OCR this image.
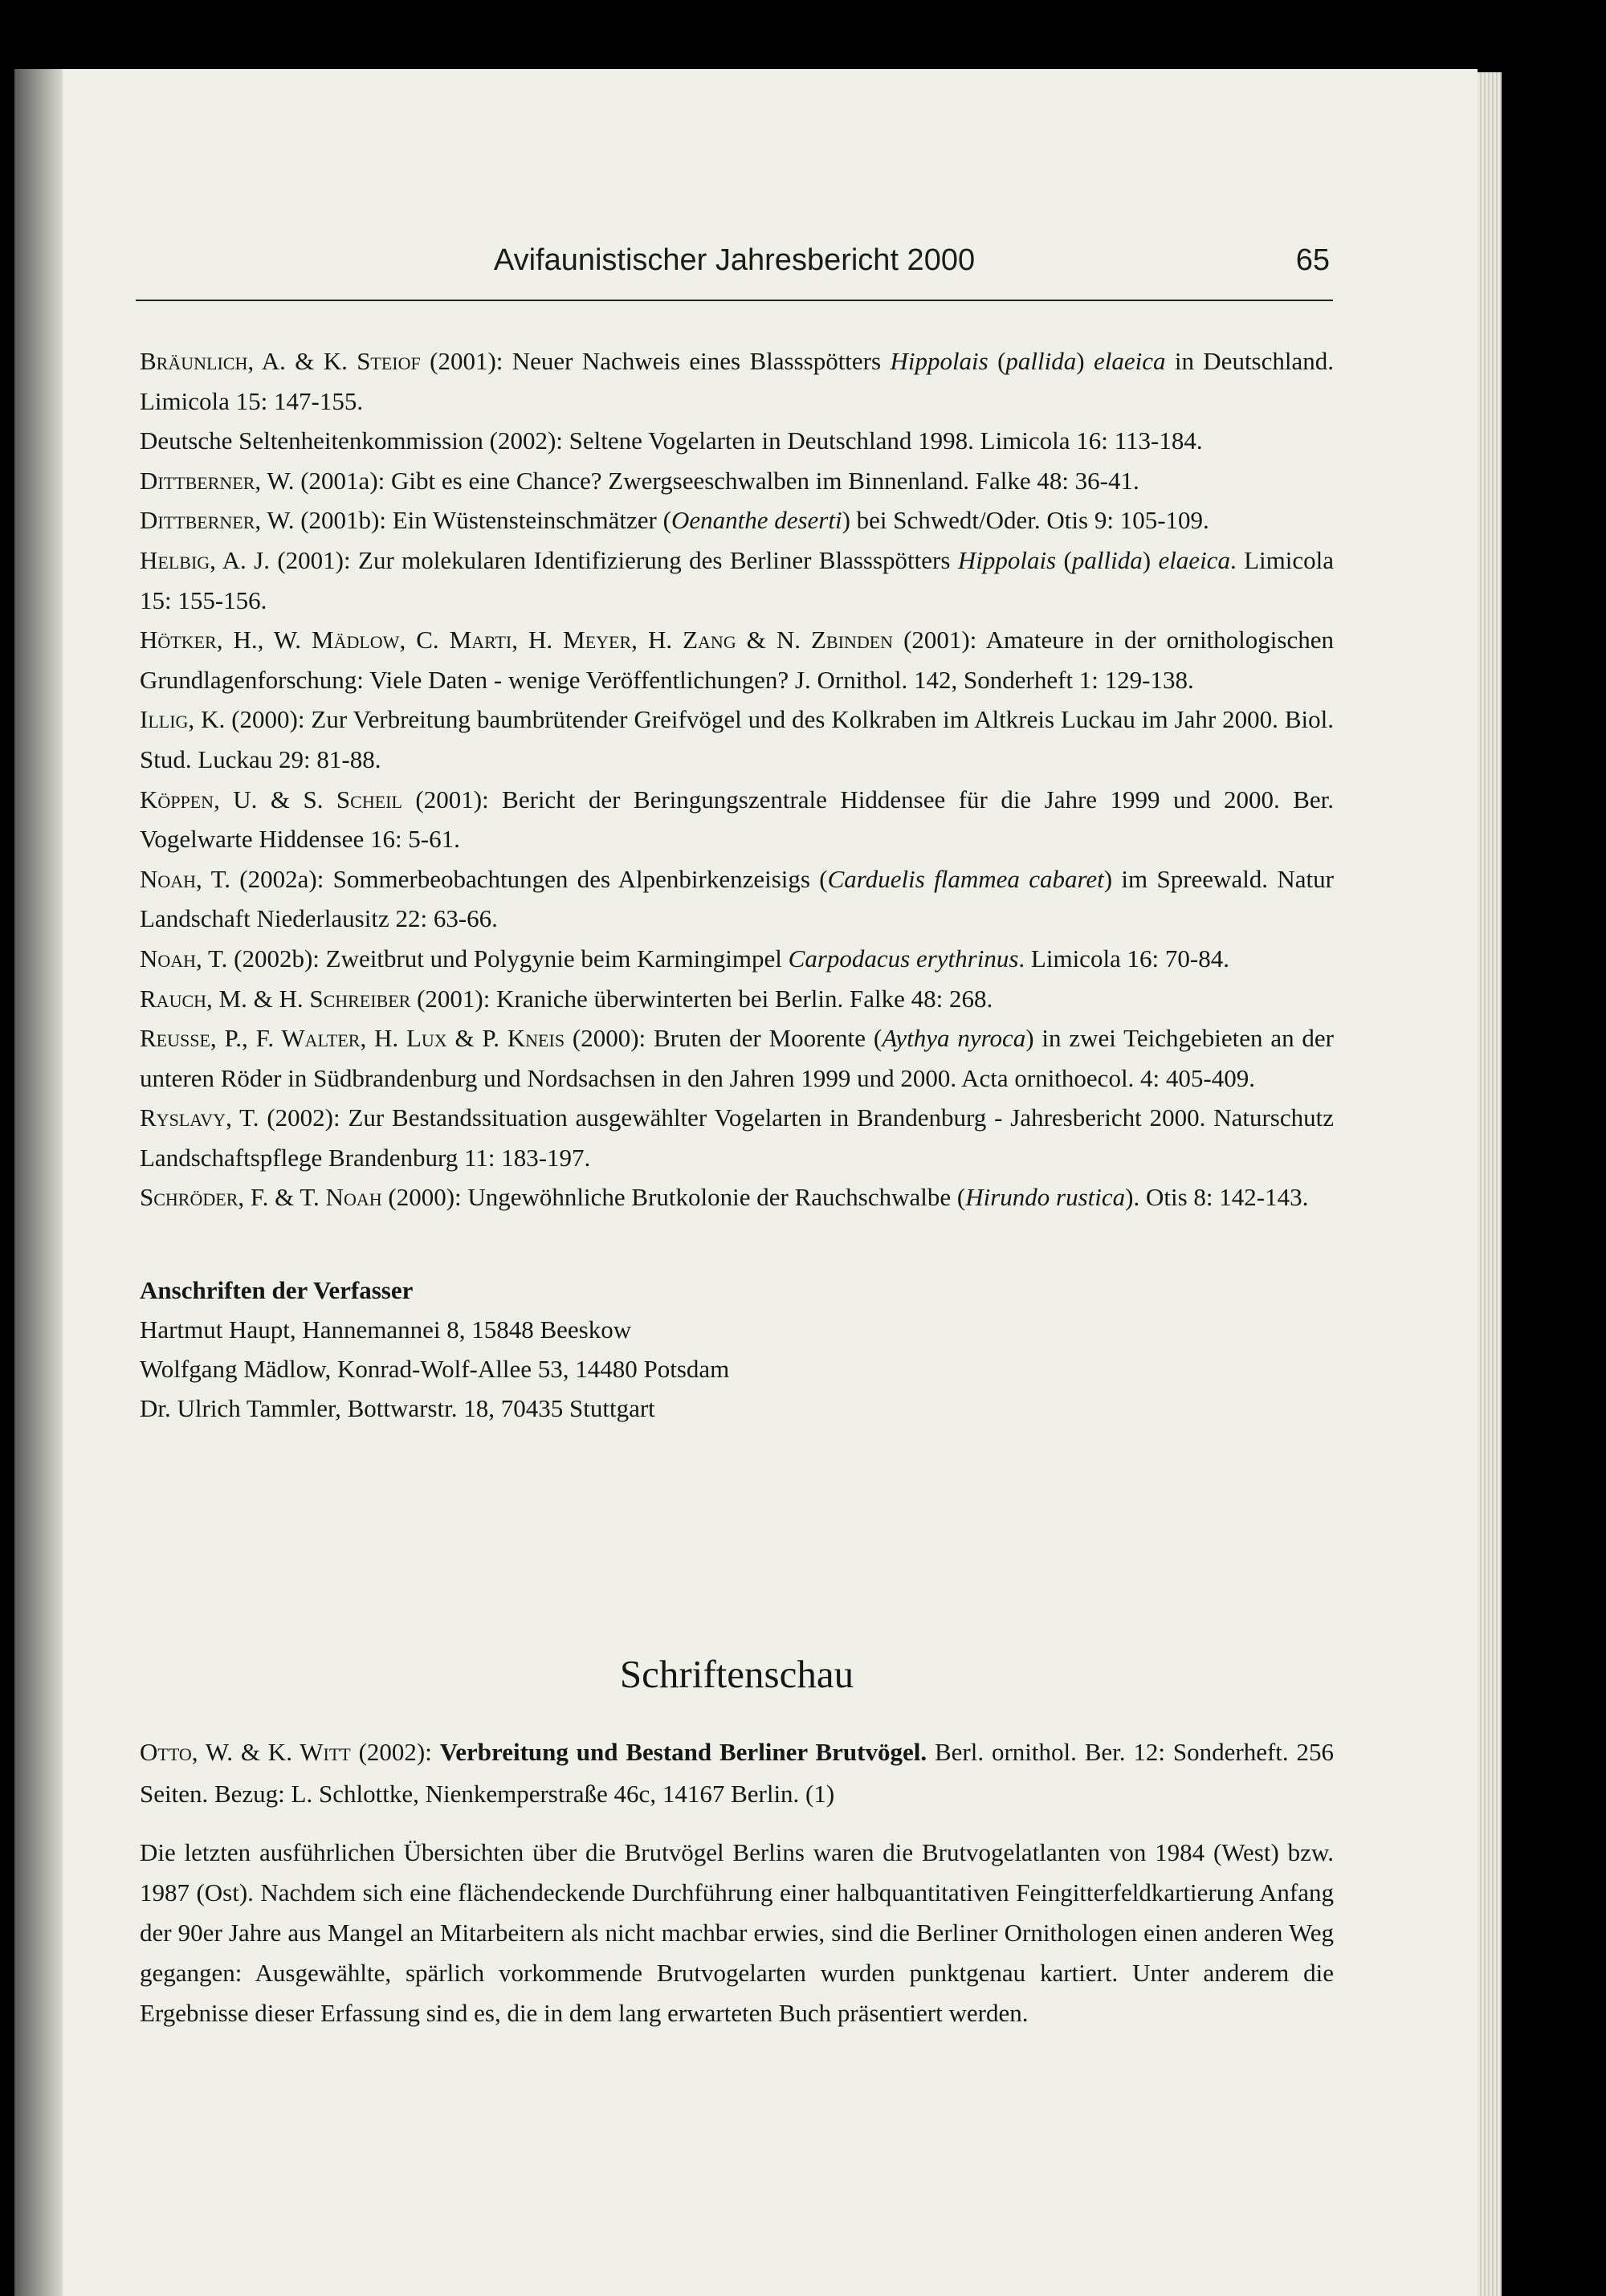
Avifaunistischer Jahresbericht 2000	65
Bräunlich, A. & K. Steiof (2001): Neuer Nachweis eines Blassspötters Hippolais (pallida) elaeica in Deutschland. Limicola 15: 147-155.
Deutsche Seltenheitenkommission (2002): Seltene Vogelarten in Deutschland 1998. Limicola 16: 113-184.
Dittberner, W. (2001a): Gibt es eine Chance? Zwergseeschwalben im Binnenland. Falke 48: 36-41.
Dittberner, W. (2001b): Ein Wüstensteinschmätzer (Oenanthe deserti) bei Schwedt/Oder. Otis 9: 105-109.
Helbig, A. J. (2001): Zur molekularen Identifizierung des Berliner Blassspötters Hippolais (pallida) elaeica. Limicola 15: 155-156.
Hötker, H., W. Mädlow, C. Marti, H. Meyer, H. Zang & N. Zbinden (2001): Amateure in der ornithologischen Grundlagenforschung: Viele Daten - wenige Veröffentlichungen? J. Ornithol. 142, Sonderheft 1: 129-138.
Illig, K. (2000): Zur Verbreitung baumbrütender Greifvögel und des Kolkraben im Altkreis Luckau im Jahr 2000. Biol. Stud. Luckau 29: 81-88.
Köppen, U. & S. Scheil (2001): Bericht der Beringungszentrale Hiddensee für die Jahre 1999 und 2000. Ber. Vogelwarte Hiddensee 16: 5-61.
Noah, T. (2002a): Sommerbeobachtungen des Alpenbirkenzeisigs (Carduelis flammea cabaret) im Spreewald. Natur Landschaft Niederlausitz 22: 63-66.
Noah, T. (2002b): Zweitbrut und Polygynie beim Karmingimpel Carpodacus erythrinus. Limicola 16: 70-84.
Rauch, M. & H. Schreiber (2001): Kraniche überwinterten bei Berlin. Falke 48: 268.
Reusse, P., F. Walter, H. Lux & P. Kneis (2000): Bruten der Moorente (Aythya nyroca) in zwei Teichgebieten an der unteren Röder in Südbrandenburg und Nordsachsen in den Jahren 1999 und 2000. Acta ornithoecol. 4: 405-409.
Ryslavy, T. (2002): Zur Bestandssituation ausgewählter Vogelarten in Brandenburg - Jahresbericht 2000. Naturschutz Landschaftspflege Brandenburg 11: 183-197.
Schröder, F. & T. Noah (2000): Ungewöhnliche Brutkolonie der Rauchschwalbe (Hirundo rustica). Otis 8: 142-143.
Anschriften der Verfasser
Hartmut Haupt, Hannemannei 8, 15848 Beeskow
Wolfgang Mädlow, Konrad-Wolf-Allee 53, 14480 Potsdam
Dr. Ulrich Tammler, Bottwarstr. 18, 70435 Stuttgart
Schriftenschau
Otto, W. & K. Witt (2002): Verbreitung und Bestand Berliner Brutvögel. Berl. ornithol. Ber. 12: Sonderheft. 256 Seiten. Bezug: L. Schlottke, Nienkemperstraße 46c, 14167 Berlin. (1)
Die letzten ausführlichen Übersichten über die Brutvögel Berlins waren die Brutvogelatlanten von 1984 (West) bzw. 1987 (Ost). Nachdem sich eine flächendeckende Durchführung einer halbquantitativen Feingitterfeldkartierung Anfang der 90er Jahre aus Mangel an Mitarbeitern als nicht machbar erwies, sind die Berliner Ornithologen einen anderen Weg gegangen: Ausgewählte, spärlich vorkommende Brutvogelarten wurden punktgenau kartiert. Unter anderem die Ergebnisse dieser Erfassung sind es, die in dem lang erwarteten Buch präsentiert werden.
